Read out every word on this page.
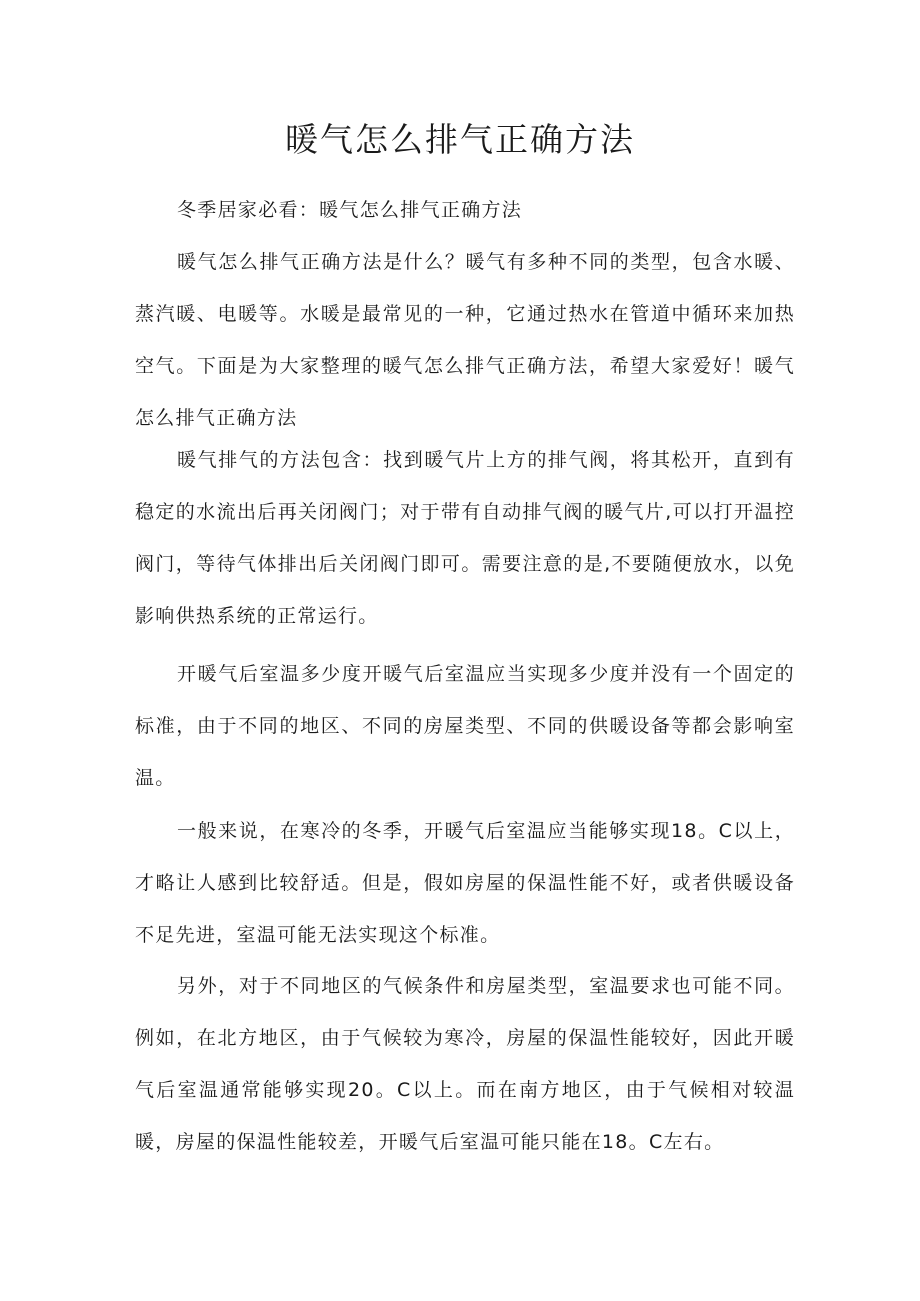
暖气怎么排气正确方法

冬季居家必看：暖气怎么排气正确方法

暖气怎么排气正确方法是什么？暖气有多种不同的类型，包含水暖、蒸汽暖、电暖等。水暖是最常见的一种，它通过热水在管道中循环来加热空气。下面是为大家整理的暖气怎么排气正确方法，希望大家爱好！暖气怎么排气正确方法

暖气排气的方法包含：找到暖气片上方的排气阀，将其松开，直到有稳定的水流出后再关闭阀门；对于带有自动排气阀的暖气片,可以打开温控阀门，等待气体排出后关闭阀门即可。需要注意的是,不要随便放水，以免影响供热系统的正常运行。

开暖气后室温多少度开暖气后室温应当实现多少度并没有一个固定的标准，由于不同的地区、不同的房屋类型、不同的供暖设备等都会影响室温。

一般来说，在寒冷的冬季，开暖气后室温应当能够实现18。C以上，才略让人感到比较舒适。但是，假如房屋的保温性能不好，或者供暖设备不足先进，室温可能无法实现这个标准。

另外，对于不同地区的气候条件和房屋类型，室温要求也可能不同。例如，在北方地区，由于气候较为寒冷，房屋的保温性能较好，因此开暖气后室温通常能够实现20。C以上。而在南方地区，由于气候相对较温暖，房屋的保温性能较差，开暖气后室温可能只能在18。C左右。
